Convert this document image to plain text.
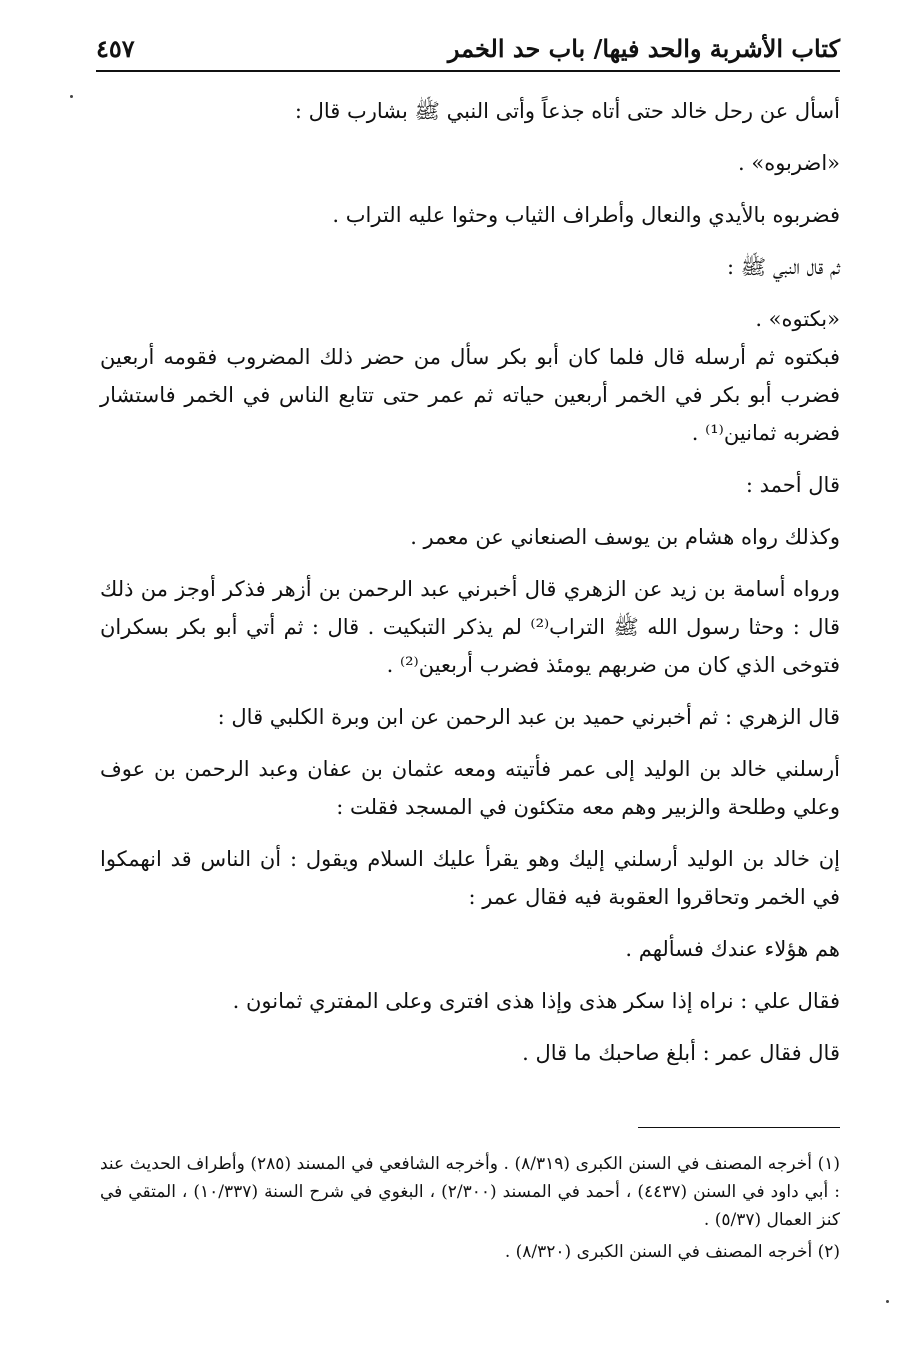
كتاب الأشربة والحد فيها/ باب حد الخمر
٤٥٧

أسأل عن رحل خالد حتى أتاه جذعاً وأتى النبي ﷺ بشارب قال :

«اضربوه» .

فضربوه بالأيدي والنعال وأطراف الثياب وحثوا عليه التراب .

ثم قال النبي ﷺ :

«بكتوه» .

فبكتوه ثم أرسله قال فلما كان أبو بكر سأل من حضر ذلك المضروب فقومه أربعين فضرب أبو بكر في الخمر أربعين حياته ثم عمر حتى تتابع الناس في الخمر فاستشار فضربه ثمانين⁽¹⁾ .

قال أحمد :

وكذلك رواه هشام بن يوسف الصنعاني عن معمر .

ورواه أسامة بن زيد عن الزهري قال أخبرني عبد الرحمن بن أزهر فذكر أوجز من ذلك قال : وحثا رسول الله ﷺ التراب⁽²⁾ لم يذكر التبكيت . قال : ثم أتي أبو بكر بسكران فتوخى الذي كان من ضربهم يومئذ فضرب أربعين⁽²⁾ .

قال الزهري : ثم أخبرني حميد بن عبد الرحمن عن ابن وبرة الكلبي قال :

أرسلني خالد بن الوليد إلى عمر فأتيته ومعه عثمان بن عفان وعبد الرحمن بن عوف وعلي وطلحة والزبير وهم معه متكئون في المسجد فقلت :

إن خالد بن الوليد أرسلني إليك وهو يقرأ عليك السلام ويقول : أن الناس قد انهمكوا في الخمر وتحاقروا العقوبة فيه فقال عمر :

هم هؤلاء عندك فسألهم .

فقال علي : نراه إذا سكر هذى وإذا هذى افترى وعلى المفتري ثمانون .

قال فقال عمر : أبلغ صاحبك ما قال .

(١) أخرجه المصنف في السنن الكبرى (٨/٣١٩) . وأخرجه الشافعي في المسند (٢٨٥) وأطراف الحديث عند : أبي داود في السنن (٤٤٣٧) ، أحمد في المسند (٢/٣٠٠) ، البغوي في شرح السنة (١٠/٣٣٧) ، المتقي في كنز العمال (٥/٣٧) .

(٢) أخرجه المصنف في السنن الكبرى (٨/٣٢٠) .
